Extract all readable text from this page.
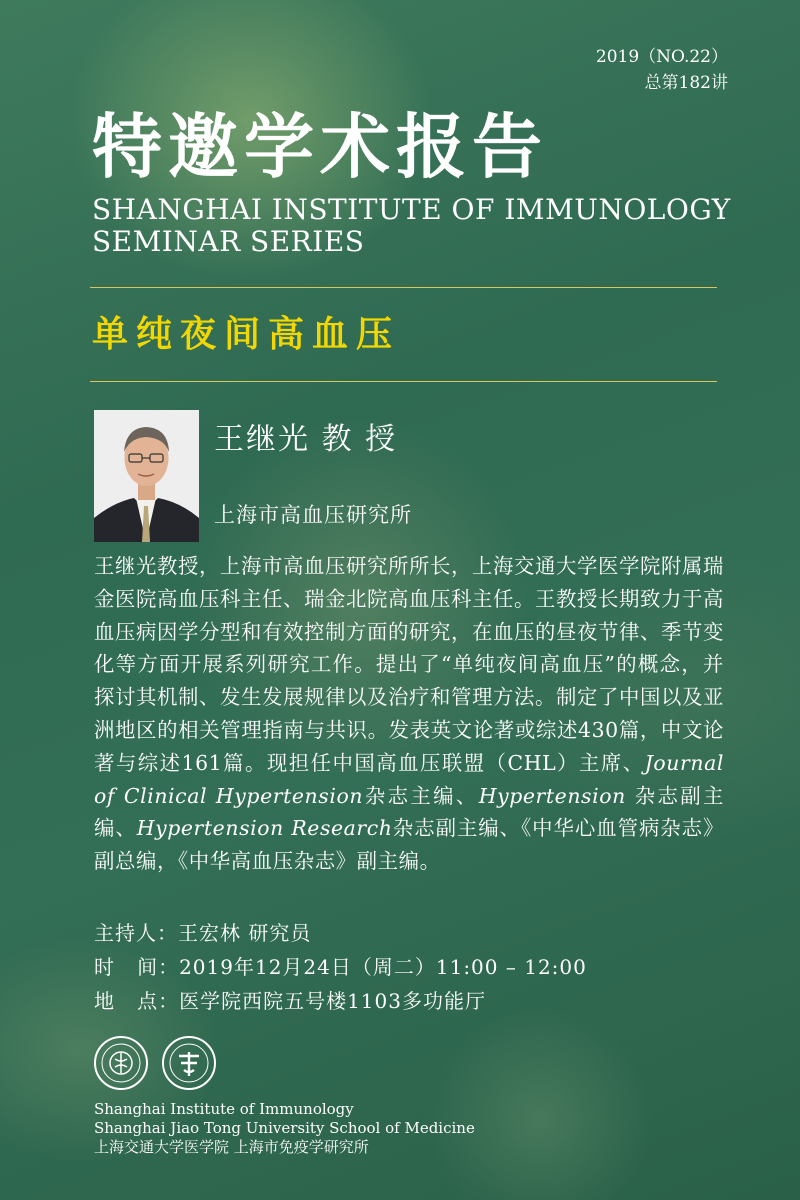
2019（NO.22）
总第182讲
特邀学术报告
SHANGHAI INSTITUTE OF IMMUNOLOGY
SEMINAR SERIES
单纯夜间高血压
王继光 教 授
上海市高血压研究所
王继光教授，上海市高血压研究所所长，上海交通大学医学院附属瑞金医院高血压科主任、瑞金北院高血压科主任。王教授长期致力于高血压病因学分型和有效控制方面的研究，在血压的昼夜节律、季节变化等方面开展系列研究工作。提出了“单纯夜间高血压”的概念，并探讨其机制、发生发展规律以及治疗和管理方法。制定了中国以及亚洲地区的相关管理指南与共识。发表英文论著或综述430篇，中文论著与综述161篇。现担任中国高血压联盟（CHL）主席、Journal of Clinical Hypertension杂志主编、Hypertension 杂志副主编、Hypertension Research杂志副主编、《中华心血管病杂志》副总编，《中华高血压杂志》副主编。
主持人：王宏林 研究员
时   间：2019年12月24日（周二）11:00 – 12:00
地   点：医学院西院五号楼1103多功能厅
Shanghai Institute of Immunology
Shanghai Jiao Tong University School of Medicine
上海交通大学医学院 上海市免疫学研究所
